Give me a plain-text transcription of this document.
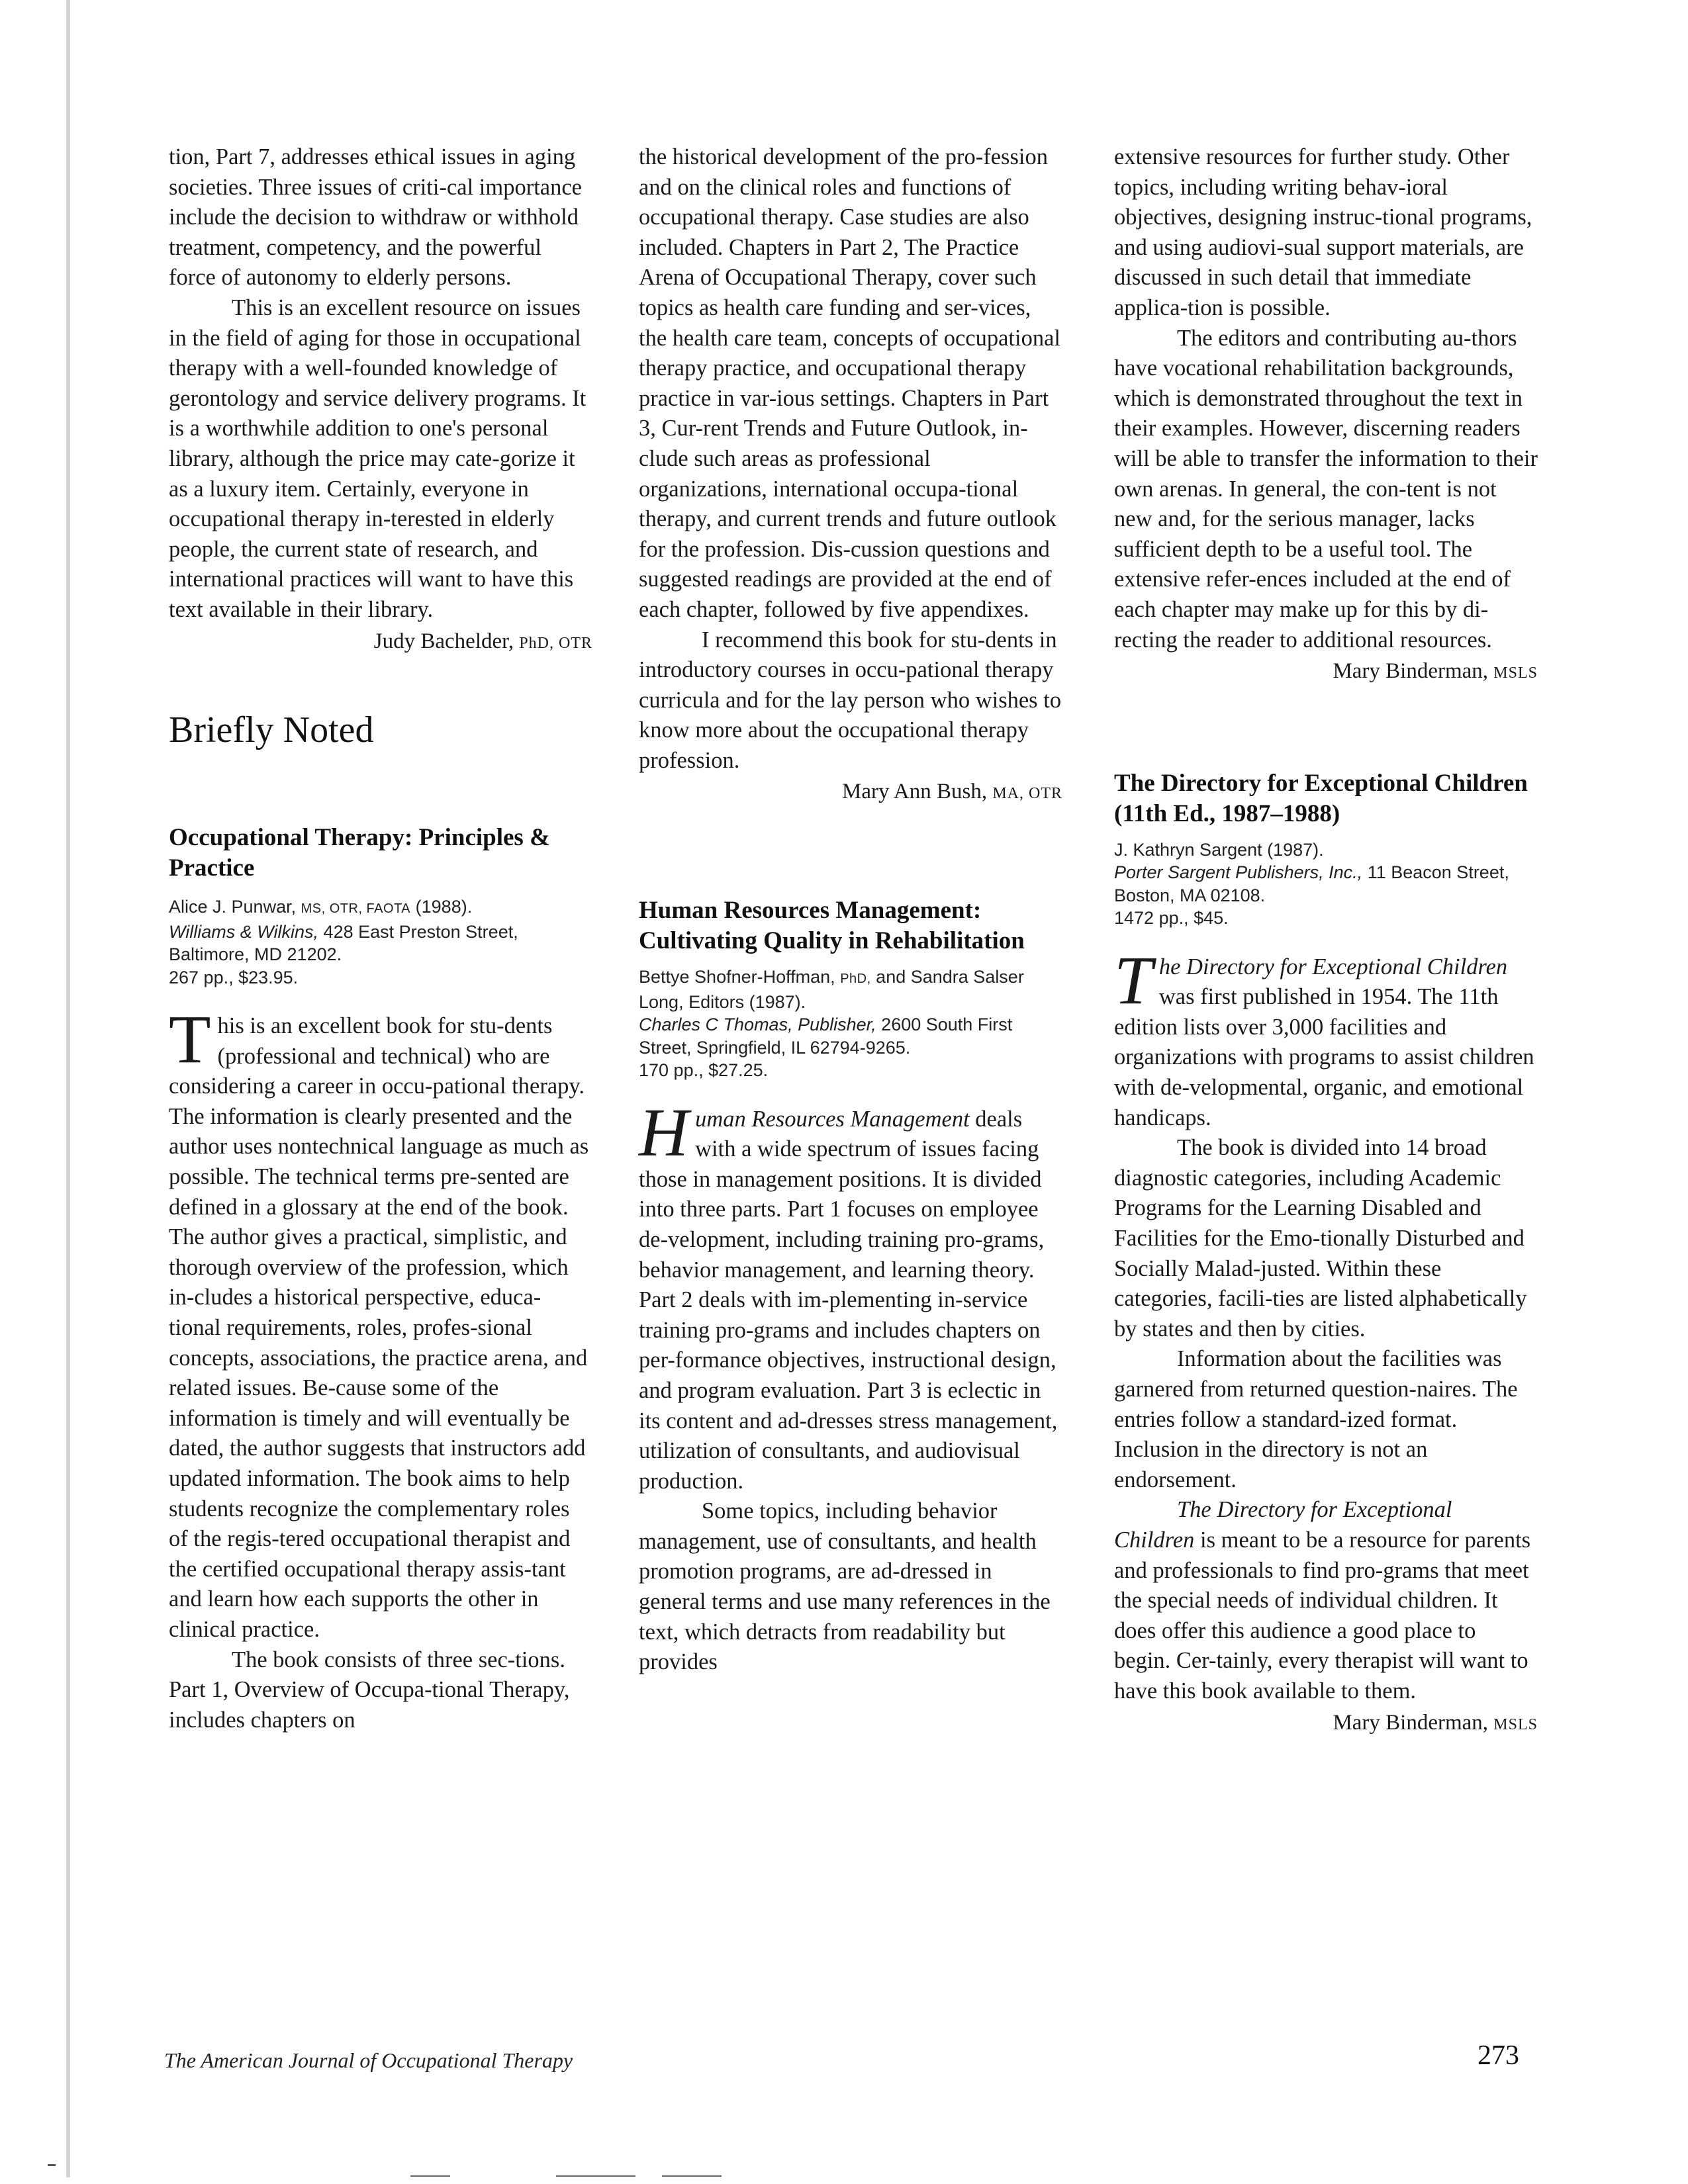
tion, Part 7, addresses ethical issues in aging societies. Three issues of criti-cal importance include the decision to withdraw or withhold treatment, competency, and the powerful force of autonomy to elderly persons.

This is an excellent resource on issues in the field of aging for those in occupational therapy with a well-founded knowledge of gerontology and service delivery programs. It is a worthwhile addition to one's personal library, although the price may cate-gorize it as a luxury item. Certainly, everyone in occupational therapy in-terested in elderly people, the current state of research, and international practices will want to have this text available in their library.

Judy Bachelder, PhD, OTR

Briefly Noted
Occupational Therapy: Principles & Practice

Alice J. Punwar, MS, OTR, FAOTA (1988).
Williams & Wilkins, 428 East Preston Street, Baltimore, MD 21202.
267 pp., $23.95.

This is an excellent book for stu-dents (professional and technical) who are considering a career in occu-pational therapy. The information is clearly presented and the author uses nontechnical language as much as possible. The technical terms pre-sented are defined in a glossary at the end of the book. The author gives a practical, simplistic, and thorough overview of the profession, which in-cludes a historical perspective, educa-tional requirements, roles, profes-sional concepts, associations, the practice arena, and related issues. Be-cause some of the information is timely and will eventually be dated, the author suggests that instructors add updated information. The book aims to help students recognize the complementary roles of the regis-tered occupational therapist and the certified occupational therapy assis-tant and learn how each supports the other in clinical practice.

The book consists of three sec-tions. Part 1, Overview of Occupa-tional Therapy, includes chapters on

the historical development of the pro-fession and on the clinical roles and functions of occupational therapy. Case studies are also included. Chapters in Part 2, The Practice Arena of Occupational Therapy, cover such topics as health care funding and ser-vices, the health care team, concepts of occupational therapy practice, and occupational therapy practice in var-ious settings. Chapters in Part 3, Cur-rent Trends and Future Outlook, in-clude such areas as professional organizations, international occupa-tional therapy, and current trends and future outlook for the profession. Dis-cussion questions and suggested readings are provided at the end of each chapter, followed by five appendixes.

I recommend this book for stu-dents in introductory courses in occu-pational therapy curricula and for the lay person who wishes to know more about the occupational therapy profession.

Mary Ann Bush, MA, OTR

Human Resources Management: Cultivating Quality in Rehabilitation

Bettye Shofner-Hoffman, PhD, and Sandra Salser Long, Editors (1987).
Charles C Thomas, Publisher, 2600 South First Street, Springfield, IL 62794-9265.
170 pp., $27.25.

Human Resources Management deals with a wide spectrum of issues facing those in management positions. It is divided into three parts. Part 1 focuses on employee de-velopment, including training pro-grams, behavior management, and learning theory. Part 2 deals with im-plementing in-service training pro-grams and includes chapters on per-formance objectives, instructional design, and program evaluation. Part 3 is eclectic in its content and ad-dresses stress management, utilization of consultants, and audiovisual production.

Some topics, including behavior management, use of consultants, and health promotion programs, are ad-dressed in general terms and use many references in the text, which detracts from readability but provides

extensive resources for further study. Other topics, including writing behav-ioral objectives, designing instruc-tional programs, and using audiovi-sual support materials, are discussed in such detail that immediate applica-tion is possible.

The editors and contributing au-thors have vocational rehabilitation backgrounds, which is demonstrated throughout the text in their examples. However, discerning readers will be able to transfer the information to their own arenas. In general, the con-tent is not new and, for the serious manager, lacks sufficient depth to be a useful tool. The extensive refer-ences included at the end of each chapter may make up for this by di-recting the reader to additional resources.

Mary Binderman, MSLS

The Directory for Exceptional Children (11th Ed., 1987–1988)

J. Kathryn Sargent (1987).
Porter Sargent Publishers, Inc., 11 Beacon Street, Boston, MA 02108.
1472 pp., $45.

The Directory for Exceptional Children was first published in 1954. The 11th edition lists over 3,000 facilities and organizations with programs to assist children with de-velopmental, organic, and emotional handicaps.

The book is divided into 14 broad diagnostic categories, including Academic Programs for the Learning Disabled and Facilities for the Emo-tionally Disturbed and Socially Malad-justed. Within these categories, facili-ties are listed alphabetically by states and then by cities.

Information about the facilities was garnered from returned question-naires. The entries follow a standard-ized format. Inclusion in the directory is not an endorsement.

The Directory for Exceptional Children is meant to be a resource for parents and professionals to find pro-grams that meet the special needs of individual children. It does offer this audience a good place to begin. Cer-tainly, every therapist will want to have this book available to them.

Mary Binderman, MSLS

The American Journal of Occupational Therapy	273
